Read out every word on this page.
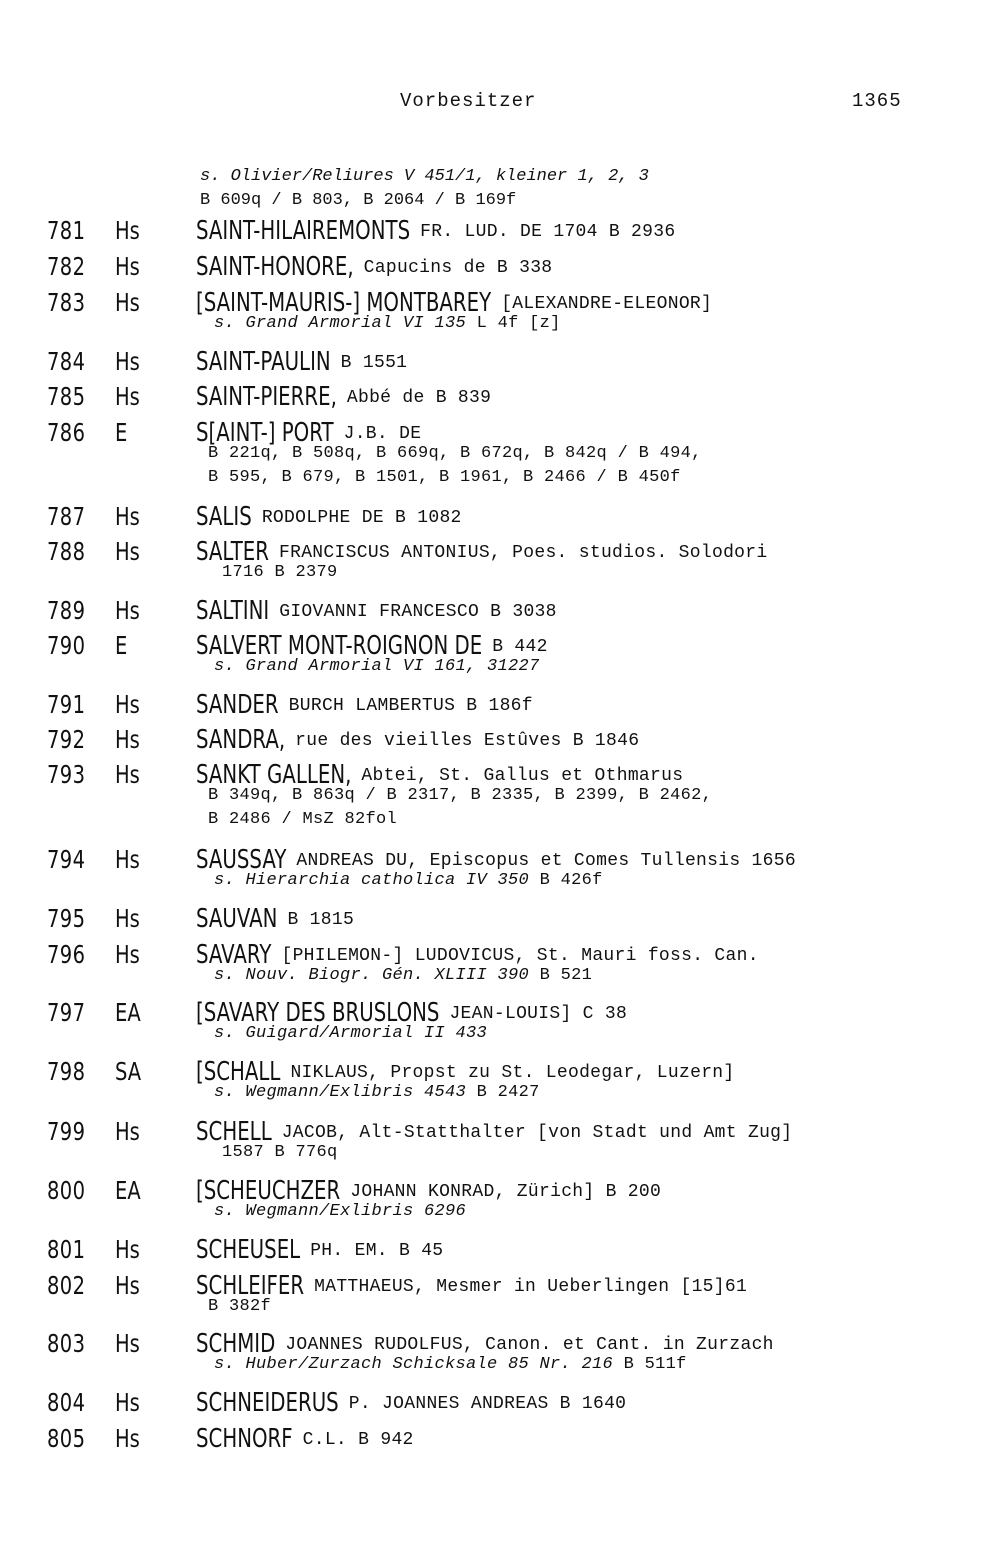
Vorbesitzer	1365
s. Olivier/Reliures V 451/1, kleiner 1, 2, 3
B 609q / B 803, B 2064 / B 169f
781 Hs SAINT-HILAIREMONTS FR. LUD. DE 1704 B 2936
782 Hs SAINT-HONORE, Capucins de B 338
783 Hs [SAINT-MAURIS-] MONTBAREY [ALEXANDRE-ELEONOR]
s. Grand Armorial VI 135 L 4f [z]
784 Hs SAINT-PAULIN B 1551
785 Hs SAINT-PIERRE, Abbé de B 839
786 E	S[AINT-] PORT J.B. DE
B 221q, B 508q, B 669q, B 672q, B 842q / B 494,
B 595, B 679, B 1501, B 1961, B 2466 / B 450f
787 Hs SALIS RODOLPHE DE B 1082
788 Hs SALTER FRANCISCUS ANTONIUS, Poes. studios. Solodori
1716 B 2379
789 Hs SALTINI GIOVANNI FRANCESCO B 3038
790 E	SALVERT MONT-ROIGNON DE B 442
s. Grand Armorial VI 161, 31227
791 Hs SANDER BURCH LAMBERTUS B 186f
792 Hs SANDRA, rue des vieilles Estûves B 1846
793 Hs SANKT GALLEN, Abtei, St. Gallus et Othmarus
B 349q, B 863q / B 2317, B 2335, B 2399, B 2462,
B 2486 / MsZ 82fol
794 Hs SAUSSAY ANDREAS DU, Episcopus et Comes Tullensis 1656
s. Hierarchia catholica IV 350 B 426f
795 Hs SAUVAN B 1815
796 Hs SAVARY [PHILEMON-] LUDOVICUS, St. Mauri foss. Can.
s. Nouv. Biogr. Gén. XLIII 390 B 521
797 EA [SAVARY DES BRUSLONS JEAN-LOUIS] C 38
s. Guigard/Armorial II 433
798 SA [SCHALL NIKLAUS, Propst zu St. Leodegar, Luzern]
s. Wegmann/Exlibris 4543 B 2427
799 Hs SCHELL JACOB, Alt-Statthalter [von Stadt und Amt Zug]
1587 B 776q
800 EA [SCHEUCHZER JOHANN KONRAD, Zürich] B 200
s. Wegmann/Exlibris 6296
801 Hs SCHEUSEL PH. EM. B 45
802 Hs SCHLEIFER MATTHAEUS, Mesmer in Ueberlingen [15]61
B 382f
803 Hs SCHMID JOANNES RUDOLFUS, Canon. et Cant. in Zurzach
s. Huber/Zurzach Schicksale 85 Nr. 216 B 511f
804 Hs SCHNEIDERUS P. JOANNES ANDREAS B 1640
805 Hs SCHNORF C.L. B 942
